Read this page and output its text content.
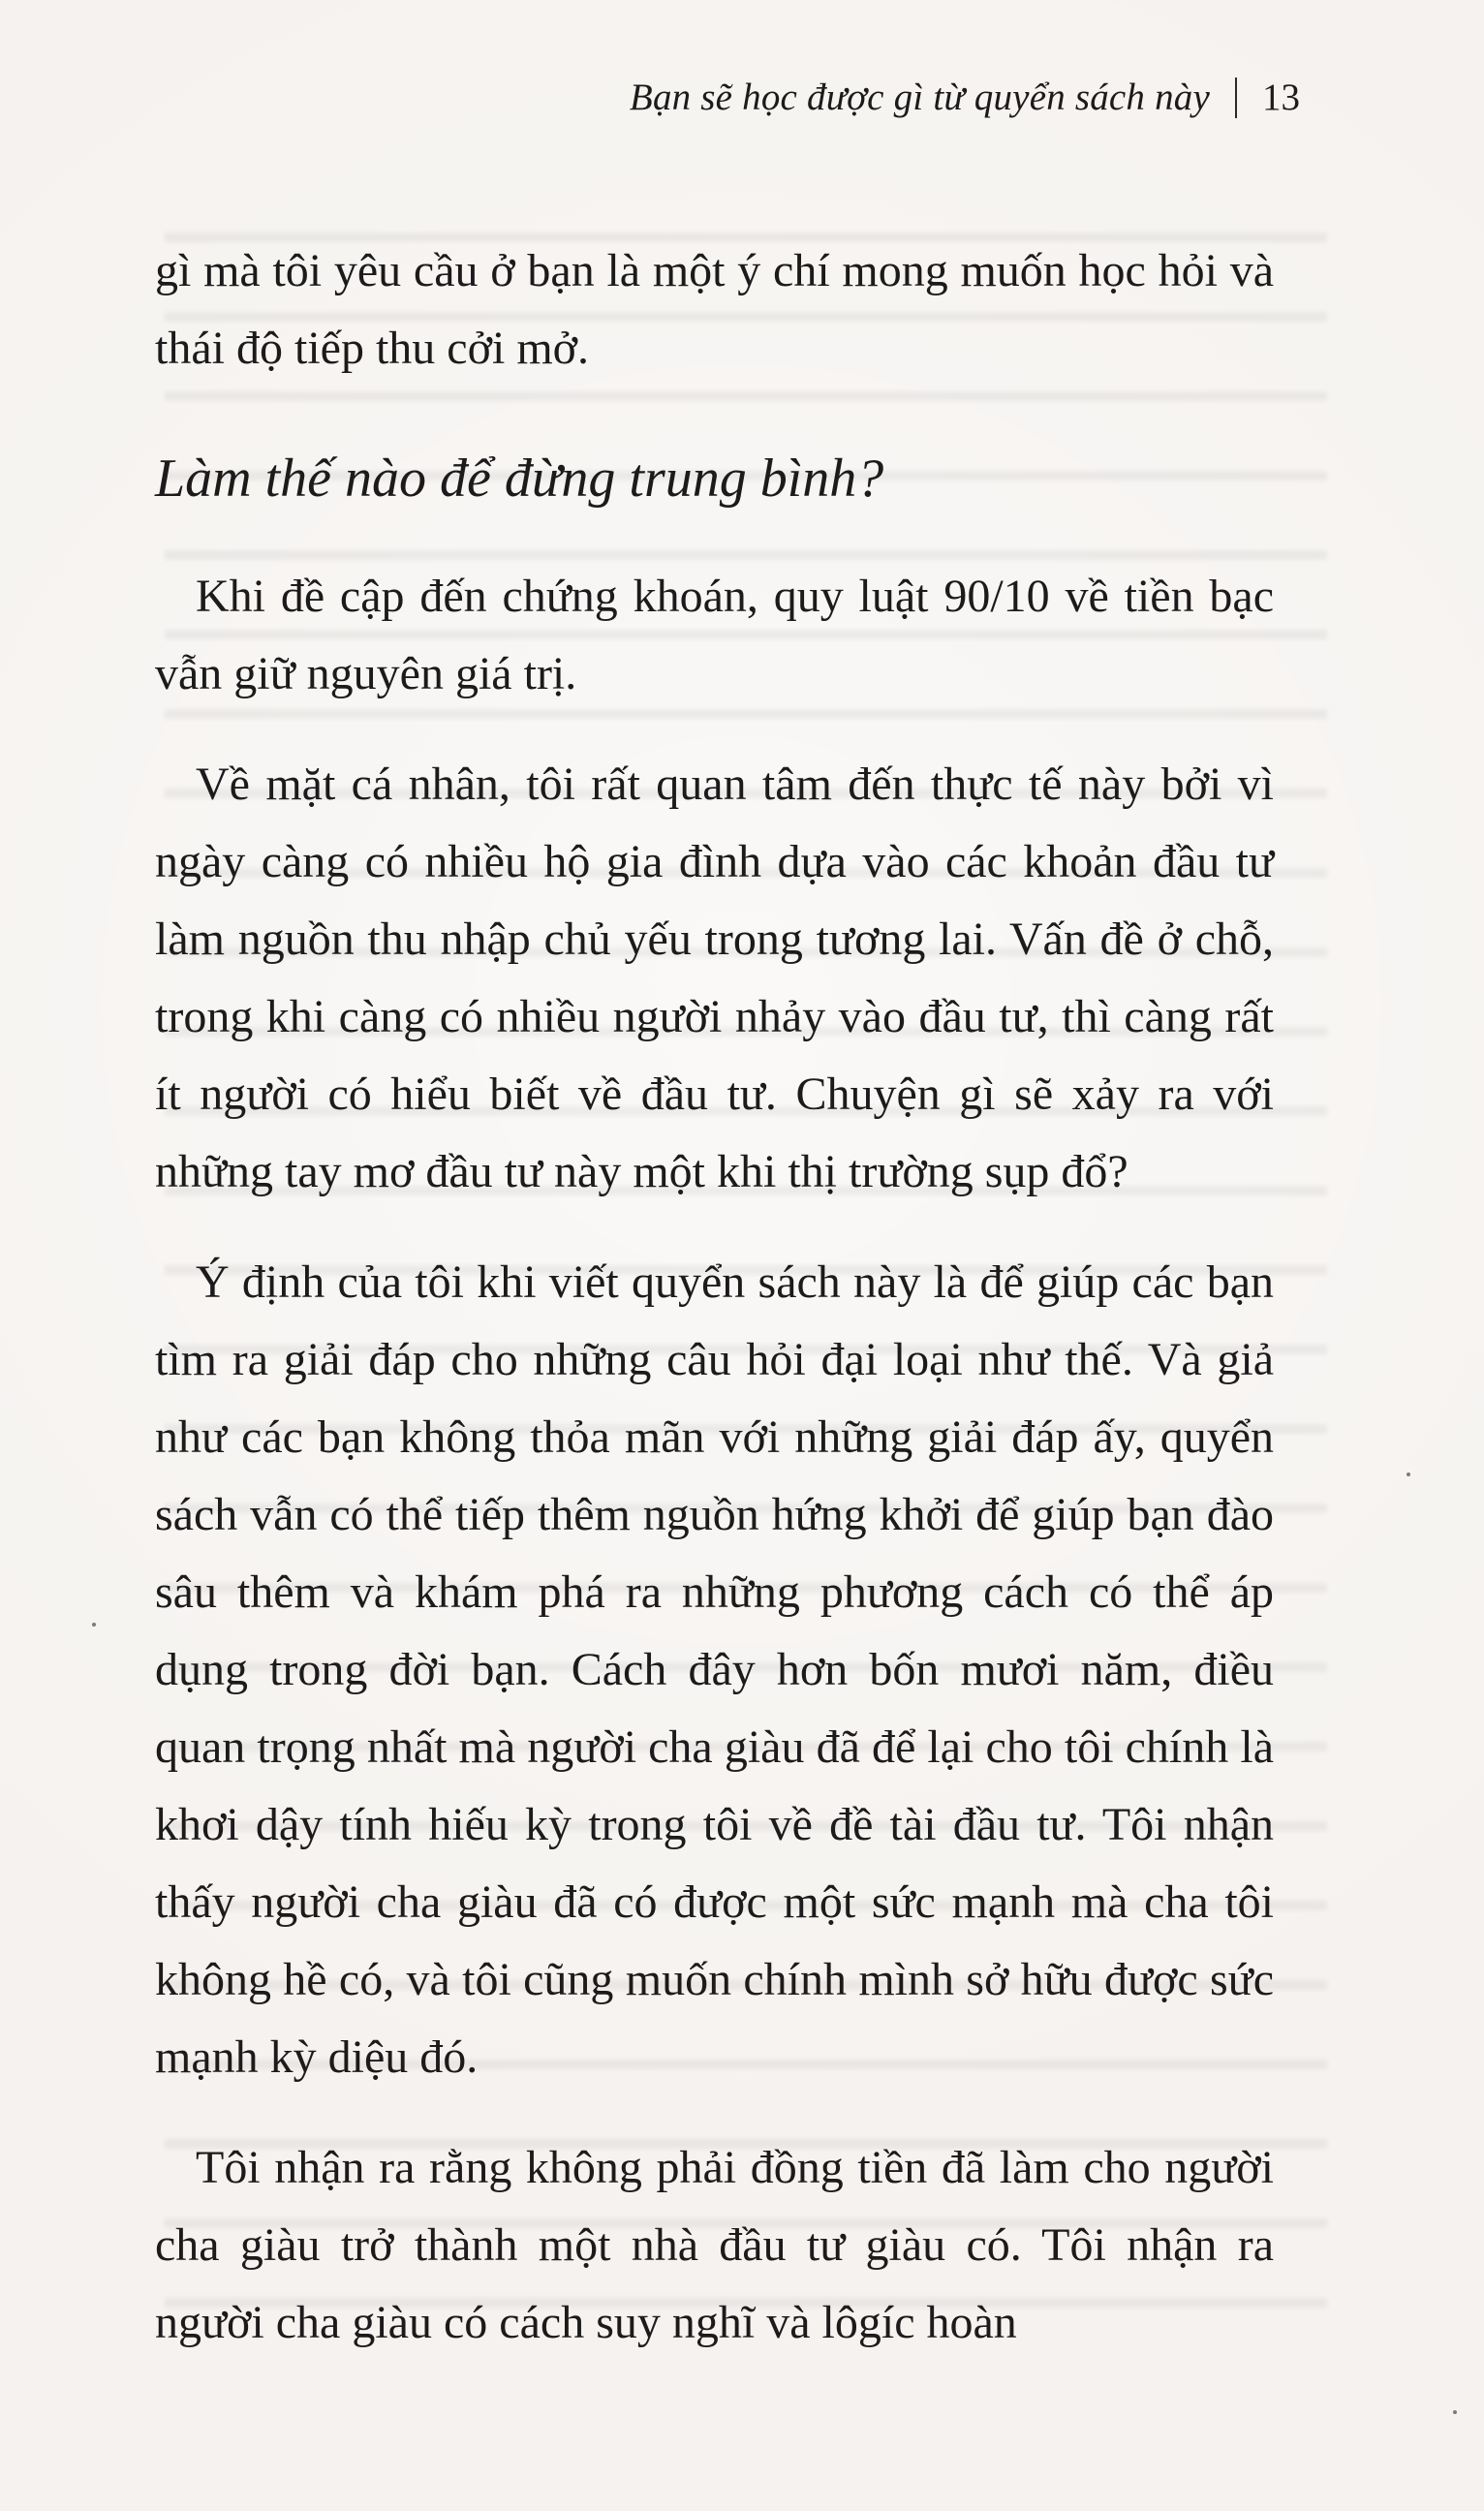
Bạn sẽ học được gì từ quyển sách này 13

gì mà tôi yêu cầu ở bạn là một ý chí mong muốn học hỏi và thái độ tiếp thu cởi mở.

Làm thế nào để đừng trung bình?

Khi đề cập đến chứng khoán, quy luật 90/10 về tiền bạc vẫn giữ nguyên giá trị.

Về mặt cá nhân, tôi rất quan tâm đến thực tế này bởi vì ngày càng có nhiều hộ gia đình dựa vào các khoản đầu tư làm nguồn thu nhập chủ yếu trong tương lai. Vấn đề ở chỗ, trong khi càng có nhiều người nhảy vào đầu tư, thì càng rất ít người có hiểu biết về đầu tư. Chuyện gì sẽ xảy ra với những tay mơ đầu tư này một khi thị trường sụp đổ?

Ý định của tôi khi viết quyển sách này là để giúp các bạn tìm ra giải đáp cho những câu hỏi đại loại như thế. Và giả như các bạn không thỏa mãn với những giải đáp ấy, quyển sách vẫn có thể tiếp thêm nguồn hứng khởi để giúp bạn đào sâu thêm và khám phá ra những phương cách có thể áp dụng trong đời bạn. Cách đây hơn bốn mươi năm, điều quan trọng nhất mà người cha giàu đã để lại cho tôi chính là khơi dậy tính hiếu kỳ trong tôi về đề tài đầu tư. Tôi nhận thấy người cha giàu đã có được một sức mạnh mà cha tôi không hề có, và tôi cũng muốn chính mình sở hữu được sức mạnh kỳ diệu đó.

Tôi nhận ra rằng không phải đồng tiền đã làm cho người cha giàu trở thành một nhà đầu tư giàu có. Tôi nhận ra người cha giàu có cách suy nghĩ và lôgíc hoàn
